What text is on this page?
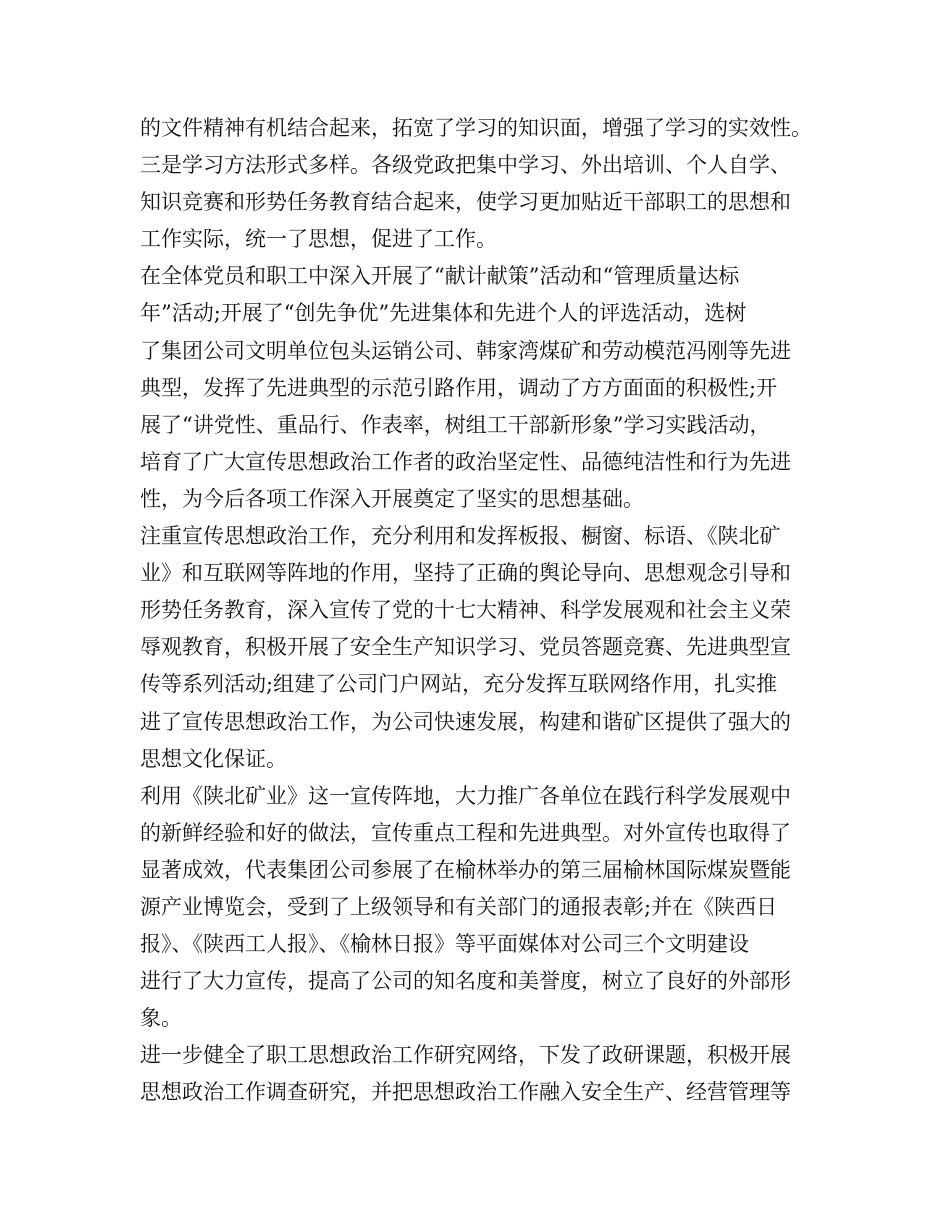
的文件精神有机结合起来，拓宽了学习的知识面，增强了学习的实效性。
三是学习方法形式多样。各级党政把集中学习、外出培训、个人自学、
知识竞赛和形势任务教育结合起来，使学习更加贴近干部职工的思想和
工作实际，统一了思想，促进了工作。
在全体党员和职工中深入开展了“献计献策”活动和“管理质量达标
年”活动;开展了“创先争优”先进集体和先进个人的评选活动，选树
了集团公司文明单位包头运销公司、韩家湾煤矿和劳动模范冯刚等先进
典型，发挥了先进典型的示范引路作用，调动了方方面面的积极性;开
展了“讲党性、重品行、作表率，树组工干部新形象”学习实践活动，
培育了广大宣传思想政治工作者的政治坚定性、品德纯洁性和行为先进
性，为今后各项工作深入开展奠定了坚实的思想基础。
注重宣传思想政治工作，充分利用和发挥板报、橱窗、标语、《陕北矿
业》和互联网等阵地的作用，坚持了正确的舆论导向、思想观念引导和
形势任务教育，深入宣传了党的十七大精神、科学发展观和社会主义荣
辱观教育，积极开展了安全生产知识学习、党员答题竞赛、先进典型宣
传等系列活动;组建了公司门户网站，充分发挥互联网络作用，扎实推
进了宣传思想政治工作，为公司快速发展，构建和谐矿区提供了强大的
思想文化保证。
利用《陕北矿业》这一宣传阵地，大力推广各单位在践行科学发展观中
的新鲜经验和好的做法，宣传重点工程和先进典型。对外宣传也取得了
显著成效，代表集团公司参展了在榆林举办的第三届榆林国际煤炭暨能
源产业博览会，受到了上级领导和有关部门的通报表彰;并在《陕西日
报》、《陕西工人报》、《榆林日报》等平面媒体对公司三个文明建设
进行了大力宣传，提高了公司的知名度和美誉度，树立了良好的外部形
象。
进一步健全了职工思想政治工作研究网络，下发了政研课题，积极开展
思想政治工作调查研究，并把思想政治工作融入安全生产、经营管理等
